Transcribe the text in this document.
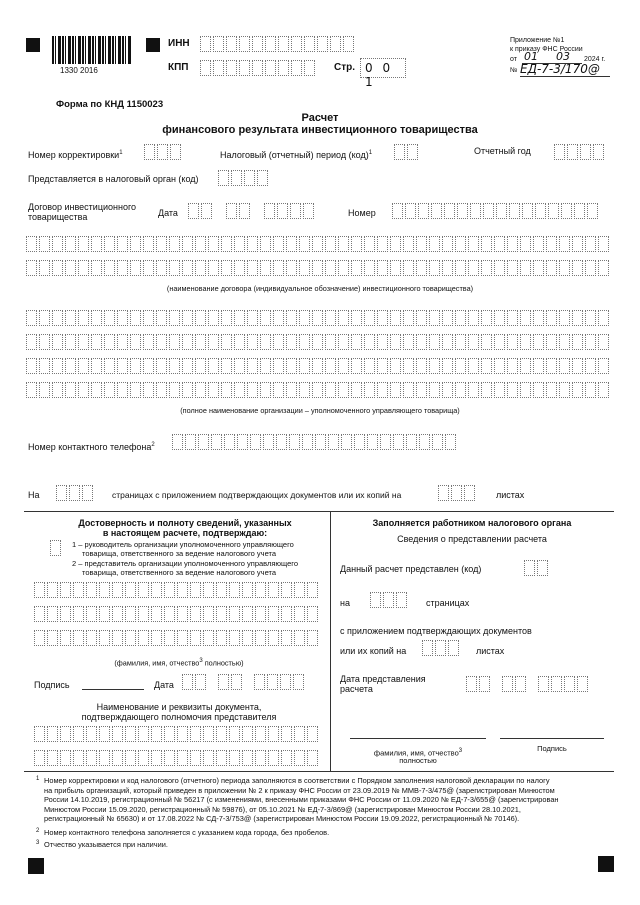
1330 2016
ИНН
КПП	Стр. 0 0 1
Приложение №1
к приказу ФНС России
от 01 03 2024 г.
№ ЕД-7-3/170@
Форма по КНД 1150023
Расчет
финансового результата инвестиционного товарищества
Номер корректировки$^1$	Налоговый (отчетный) период (код)$^1$	Отчетный год
Представляется в налоговый орган (код)
Договор инвестиционного
товарищества	Дата	Номер
(наименование договора (индивидуальное обозначение) инвестиционного товарищества)
(полное наименование организации – уполномоченного управляющего товарища)
Номер контактного телефона$^2$
На	страницах с приложением подтверждающих документов или их копий на	листах
Достоверность и полноту сведений, указанных
в настоящем расчете, подтверждаю:
1 – руководитель организации уполномоченного управляющего
товарища, ответственного за ведение налогового учета
2 – представитель организации уполномоченного управляющего
товарища, ответственного за ведение налогового учета
(фамилия, имя, отчество$^3$ полностью)
Подпись	Дата
Наименование и реквизиты документа,
подтверждающего полномочия представителя
Заполняется работником налогового органа
Сведения о представлении расчета
Данный расчет представлен (код)
на	страницах
с приложением подтверждающих документов
или их копий на	листах
Дата представления
расчета
фамилия, имя, отчество$^3$
полностью
Подпись
1 Номер корректировки и код налогового (отчетного) периода заполняются в соответствии с Порядком заполнения налоговой декларации по налогу
на прибыль организаций, который приведен в приложении № 2 к приказу ФНС России от 23.09.2019 № ММВ-7-3/475@ (зарегистрирован Минюстом
России 14.10.2019, регистрационный № 56217 (с изменениями, внесенными приказами ФНС России от 11.09.2020 № ЕД-7-3/655@ (зарегистрирован
Минюстом России 15.09.2020, регистрационный № 59876), от 05.10.2021 № ЕД-7-3/869@ (зарегистрирован Минюстом России 28.10.2021,
регистрационный № 65630) и от 17.08.2022 № СД-7-3/753@ (зарегистрирован Минюстом России 19.09.2022, регистрационный № 70146).
2 Номер контактного телефона заполняется с указанием кода города, без пробелов.
3 Отчество указывается при наличии.
